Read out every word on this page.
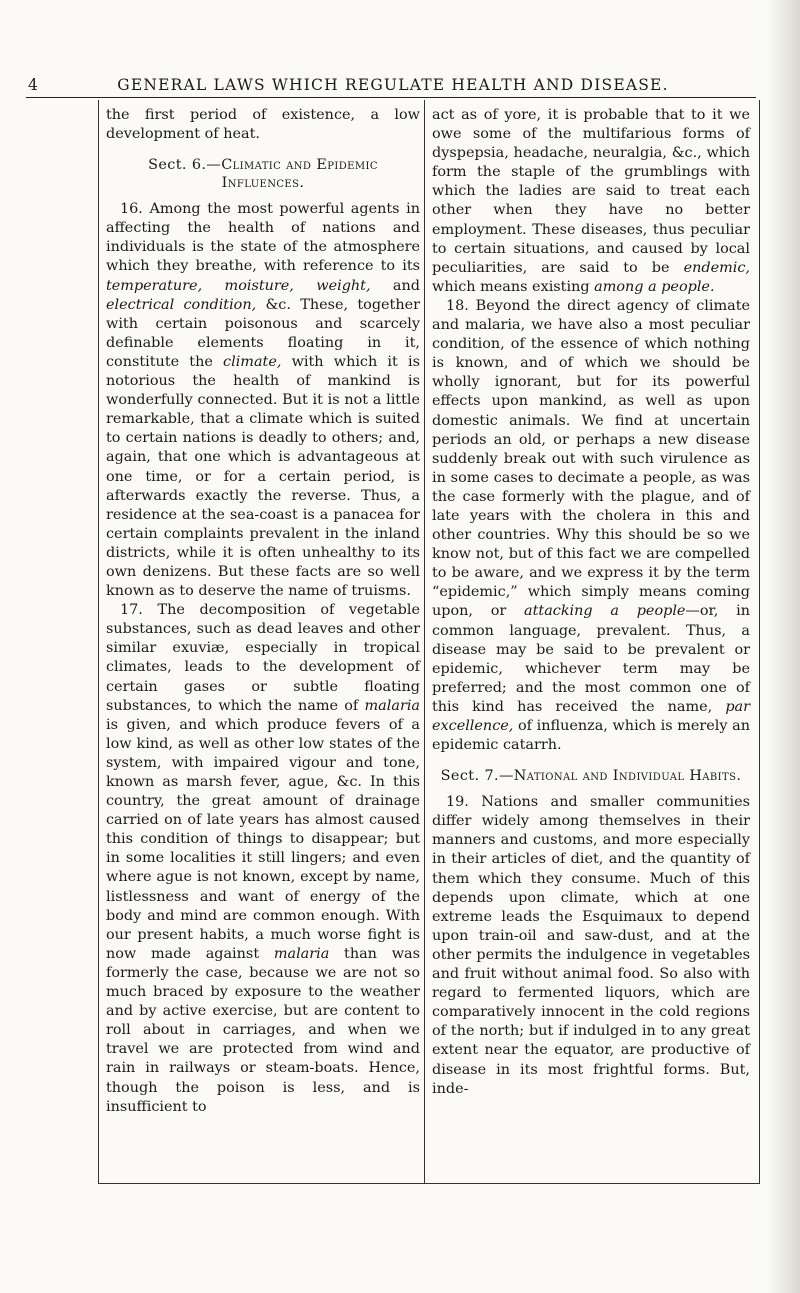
4	GENERAL LAWS WHICH REGULATE HEALTH AND DISEASE.

the first period of existence, a low development of heat.

Sect. 6.—Climatic and Epidemic Influences.

16. Among the most powerful agents in affecting the health of nations and individuals is the state of the atmosphere which they breathe, with reference to its temperature, moisture, weight, and electrical condition, &c. These, together with certain poisonous and scarcely definable elements floating in it, constitute the climate, with which it is notorious the health of mankind is wonderfully connected. But it is not a little remarkable, that a climate which is suited to certain nations is deadly to others; and, again, that one which is advantageous at one time, or for a certain period, is afterwards exactly the reverse. Thus, a residence at the sea-coast is a panacea for certain complaints prevalent in the inland districts, while it is often unhealthy to its own denizens. But these facts are so well known as to deserve the name of truisms.

17. The decomposition of vegetable substances, such as dead leaves and other similar exuviæ, especially in tropical climates, leads to the development of certain gases or subtle floating substances, to which the name of malaria is given, and which produce fevers of a low kind, as well as other low states of the system, with impaired vigour and tone, known as marsh fever, ague, &c. In this country, the great amount of drainage carried on of late years has almost caused this condition of things to disappear; but in some localities it still lingers; and even where ague is not known, except by name, listlessness and want of energy of the body and mind are common enough. With our present habits, a much worse fight is now made against malaria than was formerly the case, because we are not so much braced by exposure to the weather and by active exercise, but are content to roll about in carriages, and when we travel we are protected from wind and rain in railways or steam-boats. Hence, though the poison is less, and is insufficient to

act as of yore, it is probable that to it we owe some of the multifarious forms of dyspepsia, headache, neuralgia, &c., which form the staple of the grumblings with which the ladies are said to treat each other when they have no better employment. These diseases, thus peculiar to certain situations, and caused by local peculiarities, are said to be endemic, which means existing among a people.

18. Beyond the direct agency of climate and malaria, we have also a most peculiar condition, of the essence of which nothing is known, and of which we should be wholly ignorant, but for its powerful effects upon mankind, as well as upon domestic animals. We find at uncertain periods an old, or perhaps a new disease suddenly break out with such virulence as in some cases to decimate a people, as was the case formerly with the plague, and of late years with the cholera in this and other countries. Why this should be so we know not, but of this fact we are compelled to be aware, and we express it by the term “epidemic,” which simply means coming upon, or attacking a people—or, in common language, prevalent. Thus, a disease may be said to be prevalent or epidemic, whichever term may be preferred; and the most common one of this kind has received the name, par excellence, of influenza, which is merely an epidemic catarrh.

Sect. 7.—National and Individual Habits.

19. Nations and smaller communities differ widely among themselves in their manners and customs, and more especially in their articles of diet, and the quantity of them which they consume. Much of this depends upon climate, which at one extreme leads the Esquimaux to depend upon train-oil and saw-dust, and at the other permits the indulgence in vegetables and fruit without animal food. So also with regard to fermented liquors, which are comparatively innocent in the cold regions of the north; but if indulged in to any great extent near the equator, are productive of disease in its most frightful forms. But, inde-
